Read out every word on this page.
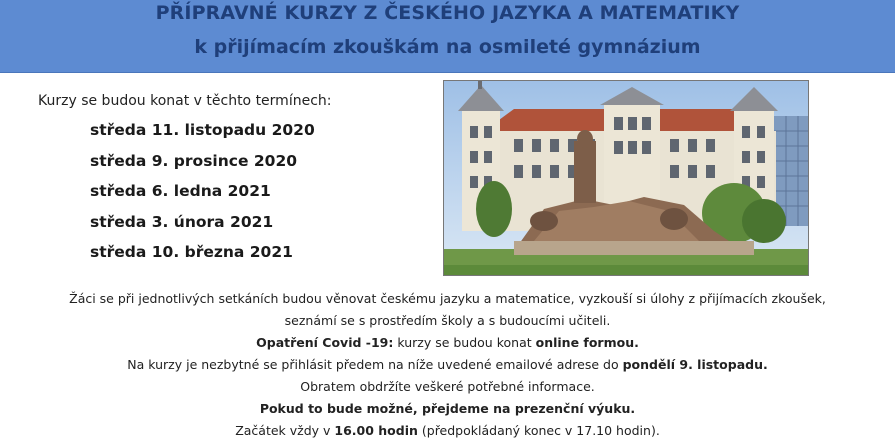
PŘÍPRAVNÉ KURZY Z ČESKÉHO JAZYKA A MATEMATIKY
k přijímacím zkouškám na osmileté gymnázium
Kurzy se budou konat v těchto termínech:
středa 11. listopadu 2020
středa 9. prosince 2020
středa 6. ledna 2021
středa 3. února 2021
středa 10. března 2021
Žáci se při jednotlivých setkáních budou věnovat českému jazyku a matematice, vyzkouší si úlohy z přijímacích zkoušek,
seznámí se s prostředím školy a s budoucími učiteli.
Opatření Covid -19: kurzy se budou konat online formou.
Na kurzy je nezbytné se přihlásit předem na níže uvedené emailové adrese do pondělí 9. listopadu.
Obratem obdržíte veškeré potřebné informace.
Pokud to bude možné, přejdeme na prezenční výuku.
Začátek vždy v 16.00 hodin (předpokládaný konec v 17.10 hodin).
